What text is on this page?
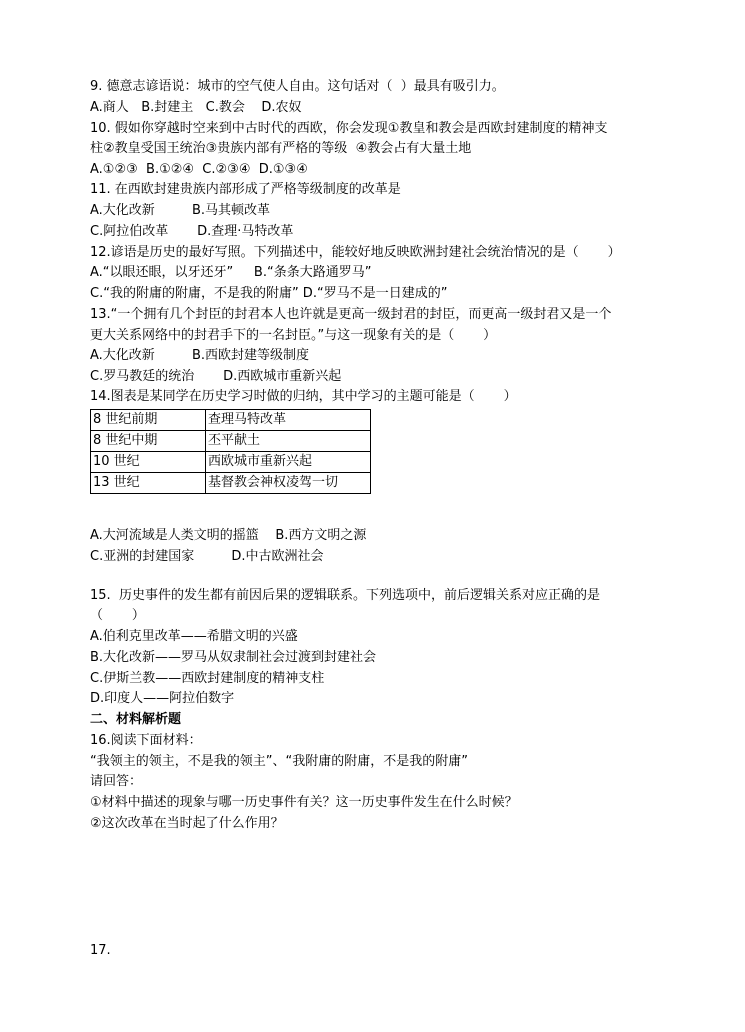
9. 德意志谚语说：城市的空气使人自由。这句话对（  ）最具有吸引力。
A.商人   B.封建主   C.教会    D.农奴
10. 假如你穿越时空来到中古时代的西欧，你会发现①教皇和教会是西欧封建制度的精神支
柱②教皇受国王统治③贵族内部有严格的等级  ④教会占有大量土地
A.①②③  B.①②④  C.②③④  D.①③④
11. 在西欧封建贵族内部形成了严格等级制度的改革是
A.大化改新         B.马其顿改革
C.阿拉伯改革       D.查理·马特改革
12.谚语是历史的最好写照。下列描述中，能较好地反映欧洲封建社会统治情况的是（       ）
A.“以眼还眼，以牙还牙”     B.“条条大路通罗马”
C.“我的附庸的附庸，不是我的附庸” D.“罗马不是一日建成的”
13.“一个拥有几个封臣的封君本人也许就是更高一级封君的封臣，而更高一级封君又是一个
更大关系网络中的封君手下的一名封臣。”与这一现象有关的是（       ）
A.大化改新         B.西欧封建等级制度
C.罗马教廷的统治       D.西欧城市重新兴起
14.图表是某同学在历史学习时做的归纳，其中学习的主题可能是（       ）
8 世纪前期	查理马特改革
8 世纪中期	丕平献土
10 世纪	西欧城市重新兴起
13 世纪	基督教会神权凌驾一切
A.大河流域是人类文明的摇篮    B.西方文明之源
C.亚洲的封建国家         D.中古欧洲社会
15.  历史事件的发生都有前因后果的逻辑联系。下列选项中，前后逻辑关系对应正确的是
（       ）
A.伯利克里改革——希腊文明的兴盛
B.大化改新——罗马从奴隶制社会过渡到封建社会
C.伊斯兰教——西欧封建制度的精神支柱
D.印度人——阿拉伯数字
二、材料解析题
16.阅读下面材料：
“我领主的领主，不是我的领主”、“我附庸的附庸，不是我的附庸”
请回答：
①材料中描述的现象与哪一历史事件有关？这一历史事件发生在什么时候？
②这次改革在当时起了什么作用？
17.
